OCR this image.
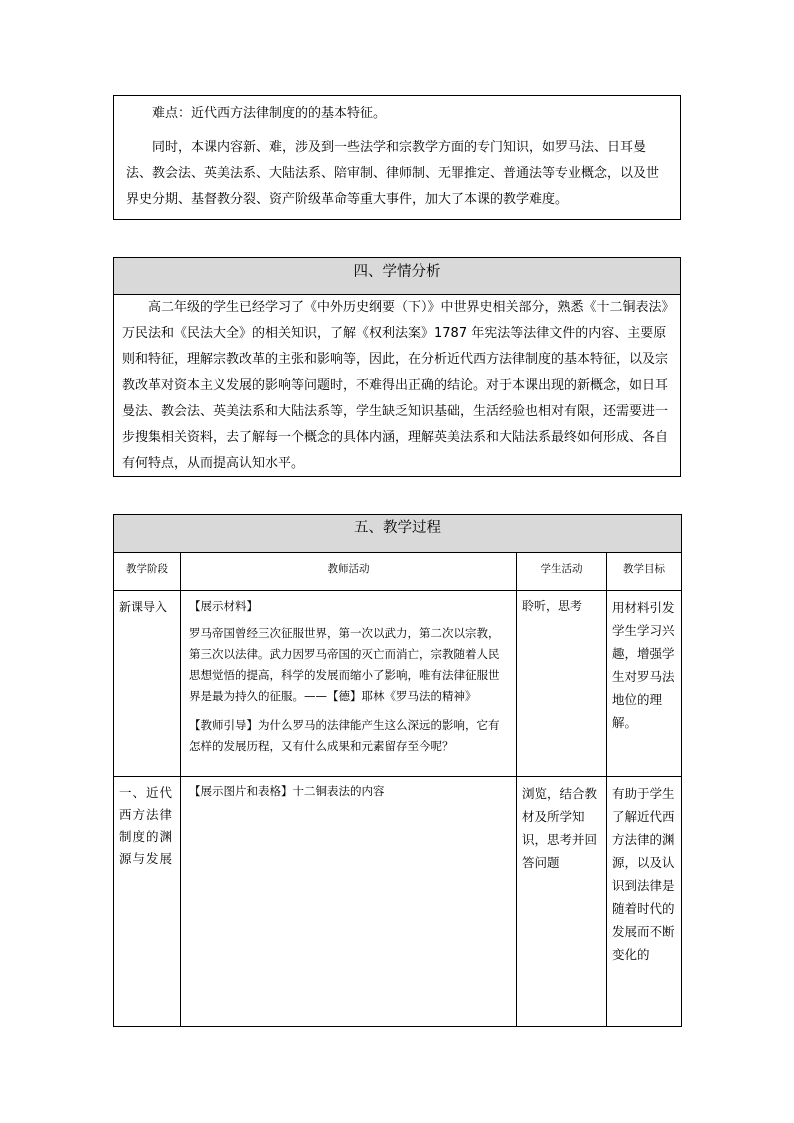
难点：近代西方法律制度的的基本特征。

同时，本课内容新、难，涉及到一些法学和宗教学方面的专门知识，如罗马法、日耳曼法、教会法、英美法系、大陆法系、陪审制、律师制、无罪推定、普通法等专业概念，以及世界史分期、基督教分裂、资产阶级革命等重大事件，加大了本课的教学难度。

四、学情分析

高二年级的学生已经学习了《中外历史纲要（下）》中世界史相关部分，熟悉《十二铜表法》万民法和《民法大全》的相关知识，了解《权利法案》1787 年宪法等法律文件的内容、主要原则和特征，理解宗教改革的主张和影响等，因此，在分析近代西方法律制度的基本特征，以及宗教改革对资本主义发展的影响等问题时，不难得出正确的结论。对于本课出现的新概念，如日耳曼法、教会法、英美法系和大陆法系等，学生缺乏知识基础，生活经验也相对有限，还需要进一步搜集相关资料，去了解每一个概念的具体内涵，理解英美法系和大陆法系最终如何形成、各自有何特点，从而提高认知水平。

五、教学过程			
教学阶段	教师活动	学生活动	教学目标
新课导入	【展示材料】

罗马帝国曾经三次征服世界，第一次以武力，第二次以宗教，第三次以法律。武力因罗马帝国的灭亡而消亡，宗教随着人民思想觉悟的提高，科学的发展而缩小了影响，唯有法律征服世界是最为持久的征服。——【德】耶林《罗马法的精神》

【教师引导】为什么罗马的法律能产生这么深远的影响，它有怎样的发展历程，又有什么成果和元素留存至今呢？	聆听，思考	用材料引发学生学习兴趣，增强学生对罗马法地位的理解。
一、近代西方法律制度的渊源与发展	【展示图片和表格】十二铜表法的内容	浏览，结合教材及所学知识，思考并回答问题	有助于学生了解近代西方法律的渊源，以及认识到法律是随着时代的发展而不断变化的
